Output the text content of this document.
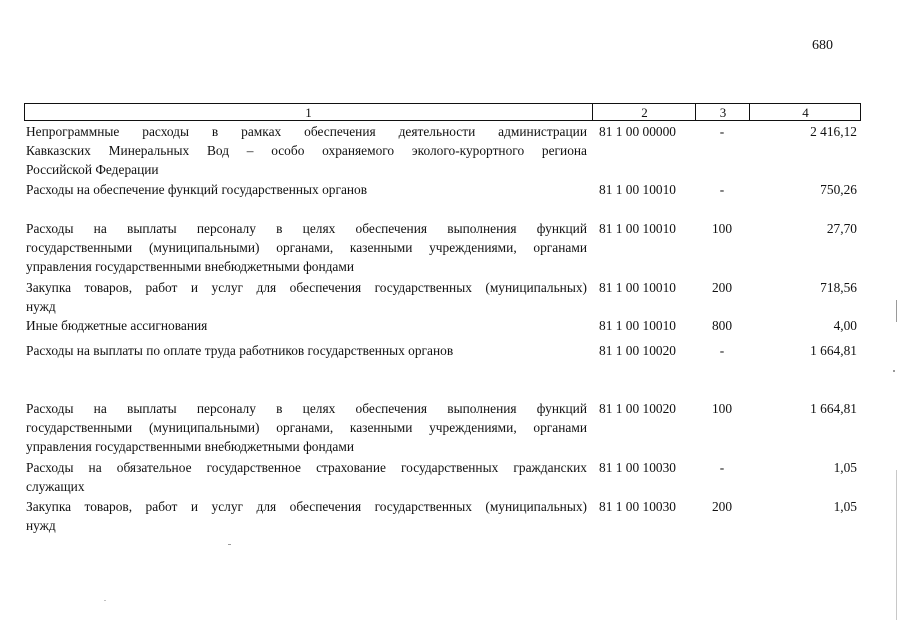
680
1	2	3	4
Непрограммные расходы в рамках обеспечения деятельности администрации
Кавказских Минеральных Вод – особо охраняемого эколого-курортного региона
Российской Федерации
81 1 00 00000	-	2 416,12
Расходы на обеспечение функций государственных органов	81 1 00 10010	-	750,26
Расходы на выплаты персоналу в целях обеспечения выполнения функций
государственными (муниципальными) органами, казенными учреждениями, органами
управления государственными внебюджетными фондами
81 1 00 10010	100	27,70
Закупка товаров, работ и услуг для обеспечения государственных (муниципальных)
нужд
81 1 00 10010	200	718,56
Иные бюджетные ассигнования	81 1 00 10010	800	4,00
Расходы на выплаты по оплате труда работников государственных органов	81 1 00 10020	-	1 664,81
Расходы на выплаты персоналу в целях обеспечения выполнения функций
государственными (муниципальными) органами, казенными учреждениями, органами
управления государственными внебюджетными фондами
81 1 00 10020	100	1 664,81
Расходы на обязательное государственное страхование государственных гражданских
служащих
81 1 00 10030	-	1,05
Закупка товаров, работ и услуг для обеспечения государственных (муниципальных)
нужд
81 1 00 10030	200	1,05
